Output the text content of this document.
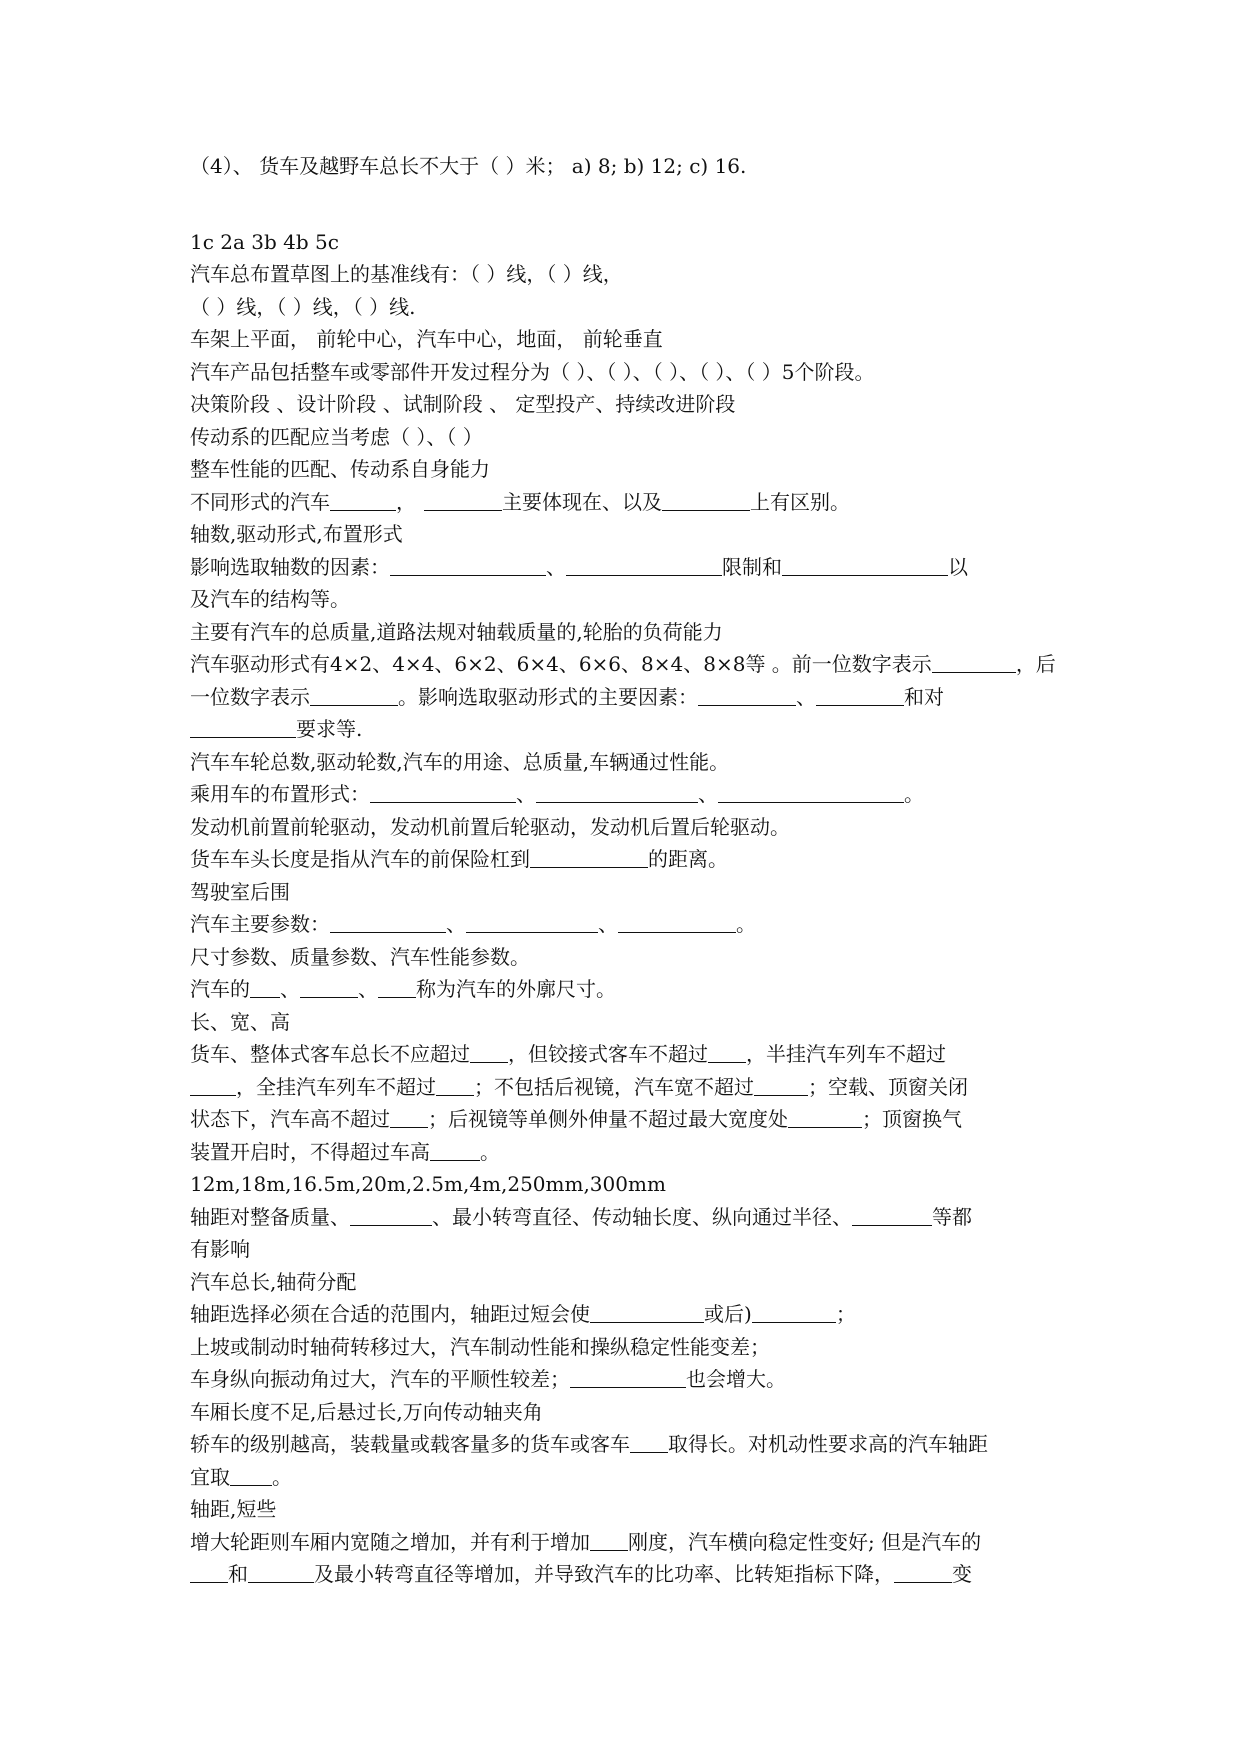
（4）、 货车及越野车总长不大于（ ）米； a) 8; b) 12; c) 16.
1c 2a 3b 4b 5c
汽车总布置草图上的基准线有：（ ）线，（ ）线，
（ ）线，（ ）线，（ ）线.
车架上平面， 前轮中心，汽车中心，地面， 前轮垂直
汽车产品包括整车或零部件开发过程分为（ ）、（ ）、（ ）、（ ）、（ ）5个阶段。
决策阶段 、设计阶段 、试制阶段 、 定型投产、持续改进阶段
传动系的匹配应当考虑（ ）、（ ）
整车性能的匹配、传动系自身能力
不同形式的汽车	，	主要体现在、以及	上有区别。
轴数,驱动形式,布置形式
影响选取轴数的因素：	、	限制和	以
及汽车的结构等。
主要有汽车的总质量,道路法规对轴载质量的,轮胎的负荷能力
汽车驱动形式有4×2、4×4、6×2、6×4、6×6、8×4、8×8等 。前一位数字表示	，后
一位数字表示	。影响选取驱动形式的主要因素：	、	和对
要求等.
汽车车轮总数,驱动轮数,汽车的用途、总质量,车辆通过性能。
乘用车的布置形式：	、	、	。
发动机前置前轮驱动，发动机前置后轮驱动，发动机后置后轮驱动。
货车车头长度是指从汽车的前保险杠到	的距离。
驾驶室后围
汽车主要参数：	、	、	。
尺寸参数、质量参数、汽车性能参数。
汽车的 、	、 称为汽车的外廓尺寸。
长、宽、高
货车、整体式客车总长不应超过 ，但铰接式客车不超过 ，半挂汽车列车不超过
，全挂汽车列车不超过 ；不包括后视镜，汽车宽不超过	；空载、顶窗关闭
状态下，汽车高不超过 ；后视镜等单侧外伸量不超过最大宽度处	；顶窗换气
装置开启时，不得超过车高	。
12m,18m,16.5m,20m,2.5m,4m,250mm,300mm
轴距对整备质量、	、最小转弯直径、传动轴长度、纵向通过半径、	等都
有影响
汽车总长,轴荷分配
轴距选择必须在合适的范围内，轴距过短会使	或后)	；
上坡或制动时轴荷转移过大，汽车制动性能和操纵稳定性能变差；
车身纵向振动角过大，汽车的平顺性较差；	也会增大。
车厢长度不足,后悬过长,万向传动轴夹角
轿车的级别越高，装载量或载客量多的货车或客车 取得长。对机动性要求高的汽车轴距
宜取 。
轴距,短些
增大轮距则车厢内宽随之增加，并有利于增加 刚度，汽车横向稳定性变好; 但是汽车的
和	及最小转弯直径等增加，并导致汽车的比功率、比转矩指标下降，	变
